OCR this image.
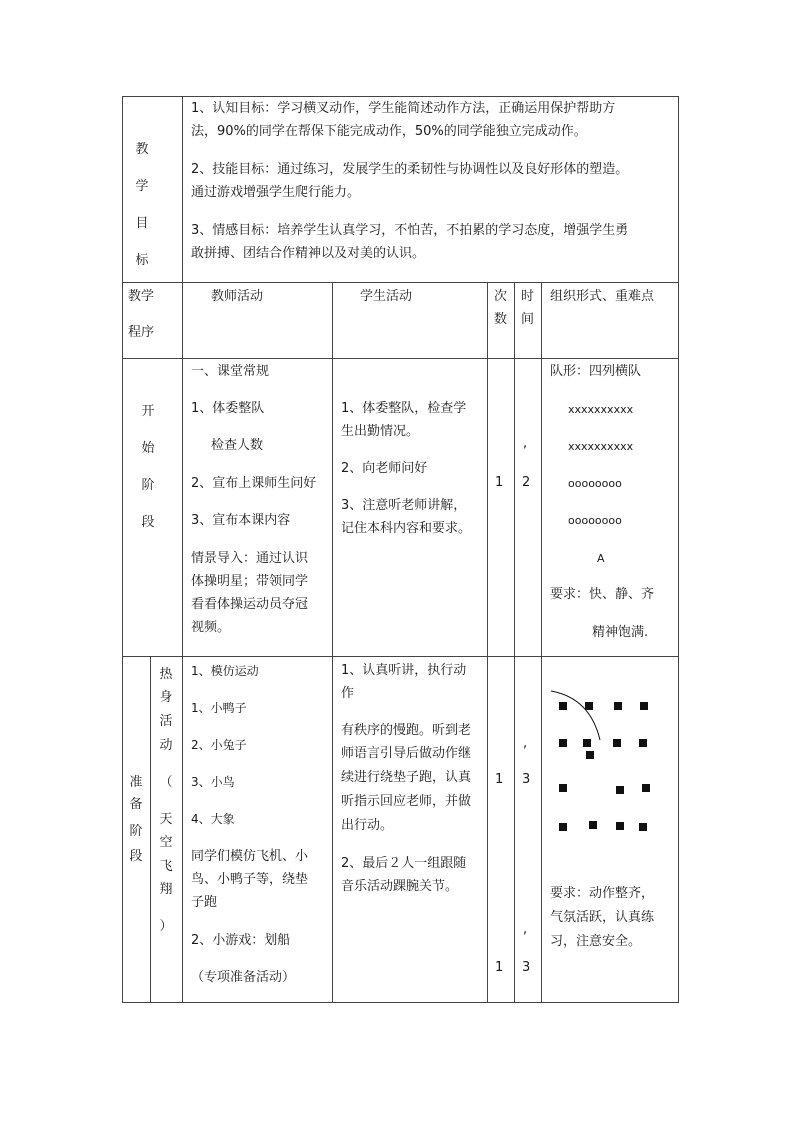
教
学
目
标
1、认知目标：学习横叉动作，学生能简述动作方法，正确运用保护帮助方
法，90%的同学在帮保下能完成动作，50%的同学能独立完成动作。
2、技能目标：通过练习，发展学生的柔韧性与协调性以及良好形体的塑造。
通过游戏增强学生爬行能力。
3、情感目标：培养学生认真学习，不怕苦，不拍累的学习态度，增强学生勇
敢拼搏、团结合作精神以及对美的认识。
教学
程序
教师活动	学生活动	次
数
时
间
组织形式、重难点
开
始
阶
段
一、课堂常规
1、体委整队
检查人数
2、宣布上课师生问好
3、宣布本课内容
情景导入：通过认识
体操明星；带领同学
看看体操运动员夺冠
视频。
1、体委整队，检查学
生出勤情况。
2、向老师问好
3、注意听老师讲解，
记住本科内容和要求。
1
,
2
队形：四列横队
xxxxxxxxxx
xxxxxxxxxx
oooooooo
oooooooo
A
要求：快、静、齐
精神饱满.
准
备
阶
段
热
身
活
动
（
天
空
飞
翔
）
1、模仿运动
1、小鸭子
2、小兔子
3、小鸟
4、大象
同学们模仿飞机、小
鸟、小鸭子等，绕垫
子跑
2、小游戏：划船
（专项准备活动）
1、认真听讲，执行动
作
有秩序的慢跑。听到老
师语言引导后做动作继
续进行绕垫子跑，认真
听指示回应老师，并做
出行动。
2、最后２人一组跟随
音乐活动踝腕关节。
1
1
,
3
,
3
要求：动作整齐，
气氛活跃，认真练
习，注意安全。
